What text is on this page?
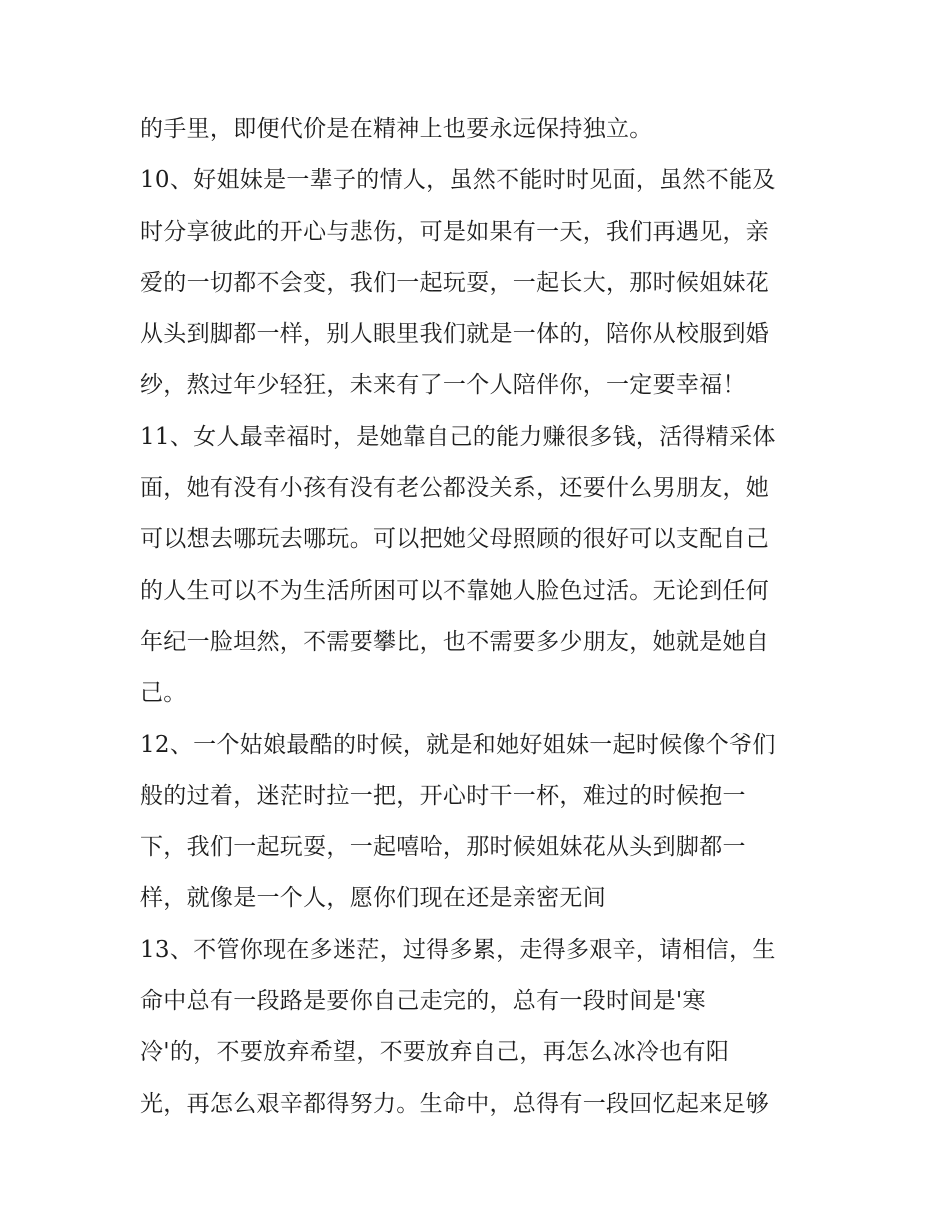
的手里，即便代价是在精神上也要永远保持独立。
10、好姐妹是一辈子的情人，虽然不能时时见面，虽然不能及
时分享彼此的开心与悲伤，可是如果有一天，我们再遇见，亲
爱的一切都不会变，我们一起玩耍，一起长大，那时候姐妹花
从头到脚都一样，别人眼里我们就是一体的，陪你从校服到婚
纱，熬过年少轻狂，未来有了一个人陪伴你，一定要幸福！
11、女人最幸福时，是她靠自己的能力赚很多钱，活得精采体
面，她有没有小孩有没有老公都没关系，还要什么男朋友，她
可以想去哪玩去哪玩。可以把她父母照顾的很好可以支配自己
的人生可以不为生活所困可以不靠她人脸色过活。无论到任何
年纪一脸坦然，不需要攀比，也不需要多少朋友，她就是她自
己。
12、一个姑娘最酷的时候，就是和她好姐妹一起时候像个爷们
般的过着，迷茫时拉一把，开心时干一杯，难过的时候抱一
下，我们一起玩耍，一起嘻哈，那时候姐妹花从头到脚都一
样，就像是一个人，愿你们现在还是亲密无间
13、不管你现在多迷茫，过得多累，走得多艰辛，请相信，生
命中总有一段路是要你自己走完的，总有一段时间是'寒
冷'的，不要放弃希望，不要放弃自己，再怎么冰冷也有阳
光，再怎么艰辛都得努力。生命中，总得有一段回忆起来足够
